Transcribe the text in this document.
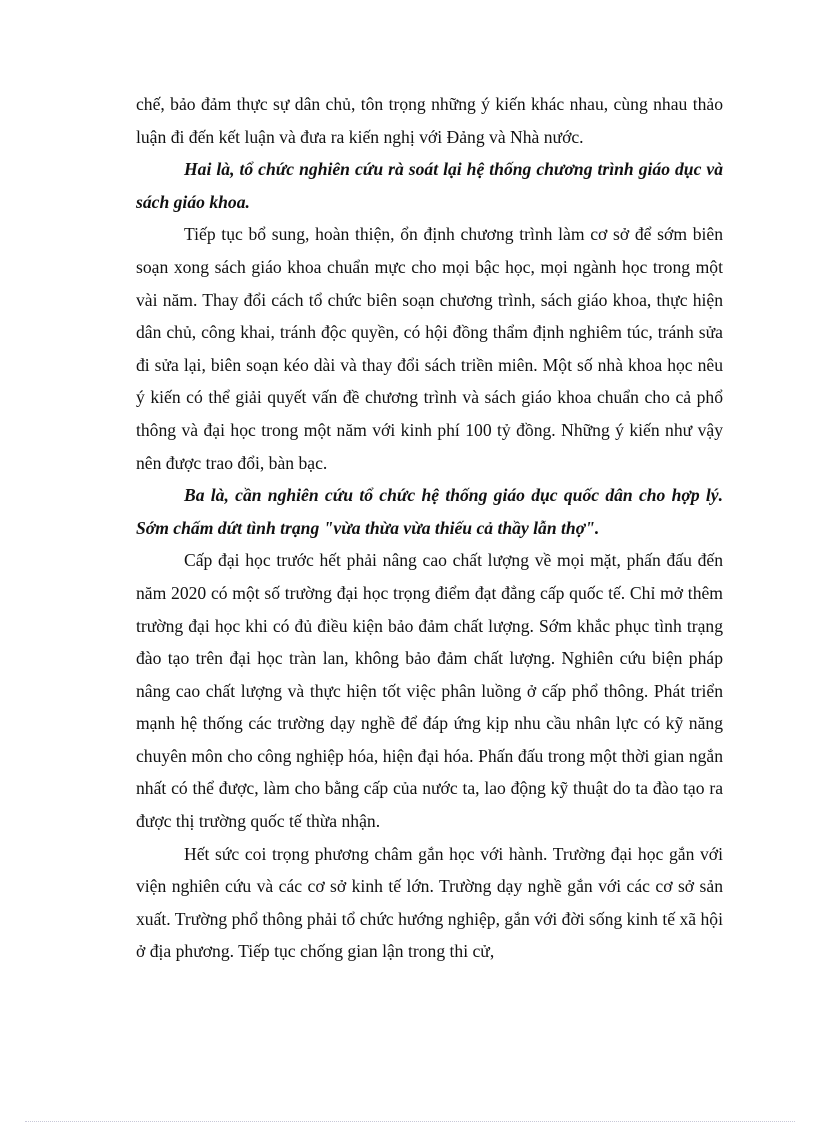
chế, bảo đảm thực sự dân chủ, tôn trọng những ý kiến khác nhau, cùng nhau thảo luận đi đến kết luận và đưa ra kiến nghị với Đảng và Nhà nước.

Hai là, tổ chức nghiên cứu rà soát lại hệ thống chương trình giáo dục và sách giáo khoa.

Tiếp tục bổ sung, hoàn thiện, ổn định chương trình làm cơ sở để sớm biên soạn xong sách giáo khoa chuẩn mực cho mọi bậc học, mọi ngành học trong một vài năm. Thay đổi cách tổ chức biên soạn chương trình, sách giáo khoa, thực hiện dân chủ, công khai, tránh độc quyền, có hội đồng thẩm định nghiêm túc, tránh sửa đi sửa lại, biên soạn kéo dài và thay đổi sách triền miên. Một số nhà khoa học nêu ý kiến có thể giải quyết vấn đề chương trình và sách giáo khoa chuẩn cho cả phổ thông và đại học trong một năm với kinh phí 100 tỷ đồng. Những ý kiến như vậy nên được trao đổi, bàn bạc.

Ba là, cần nghiên cứu tổ chức hệ thống giáo dục quốc dân cho hợp lý. Sớm chấm dứt tình trạng "vừa thừa vừa thiếu cả thầy lẫn thợ".

Cấp đại học trước hết phải nâng cao chất lượng về mọi mặt, phấn đấu đến năm 2020 có một số trường đại học trọng điểm đạt đẳng cấp quốc tế. Chỉ mở thêm trường đại học khi có đủ điều kiện bảo đảm chất lượng. Sớm khắc phục tình trạng đào tạo trên đại học tràn lan, không bảo đảm chất lượng. Nghiên cứu biện pháp nâng cao chất lượng và thực hiện tốt việc phân luồng ở cấp phổ thông. Phát triển mạnh hệ thống các trường dạy nghề để đáp ứng kịp nhu cầu nhân lực có kỹ năng chuyên môn cho công nghiệp hóa, hiện đại hóa. Phấn đấu trong một thời gian ngắn nhất có thể được, làm cho bằng cấp của nước ta, lao động kỹ thuật do ta đào tạo ra được thị trường quốc tế thừa nhận.

Hết sức coi trọng phương châm gắn học với hành. Trường đại học gắn với viện nghiên cứu và các cơ sở kinh tế lớn. Trường dạy nghề gắn với các cơ sở sản xuất. Trường phổ thông phải tổ chức hướng nghiệp, gắn với đời sống kinh tế xã hội ở địa phương. Tiếp tục chống gian lận trong thi cử,
